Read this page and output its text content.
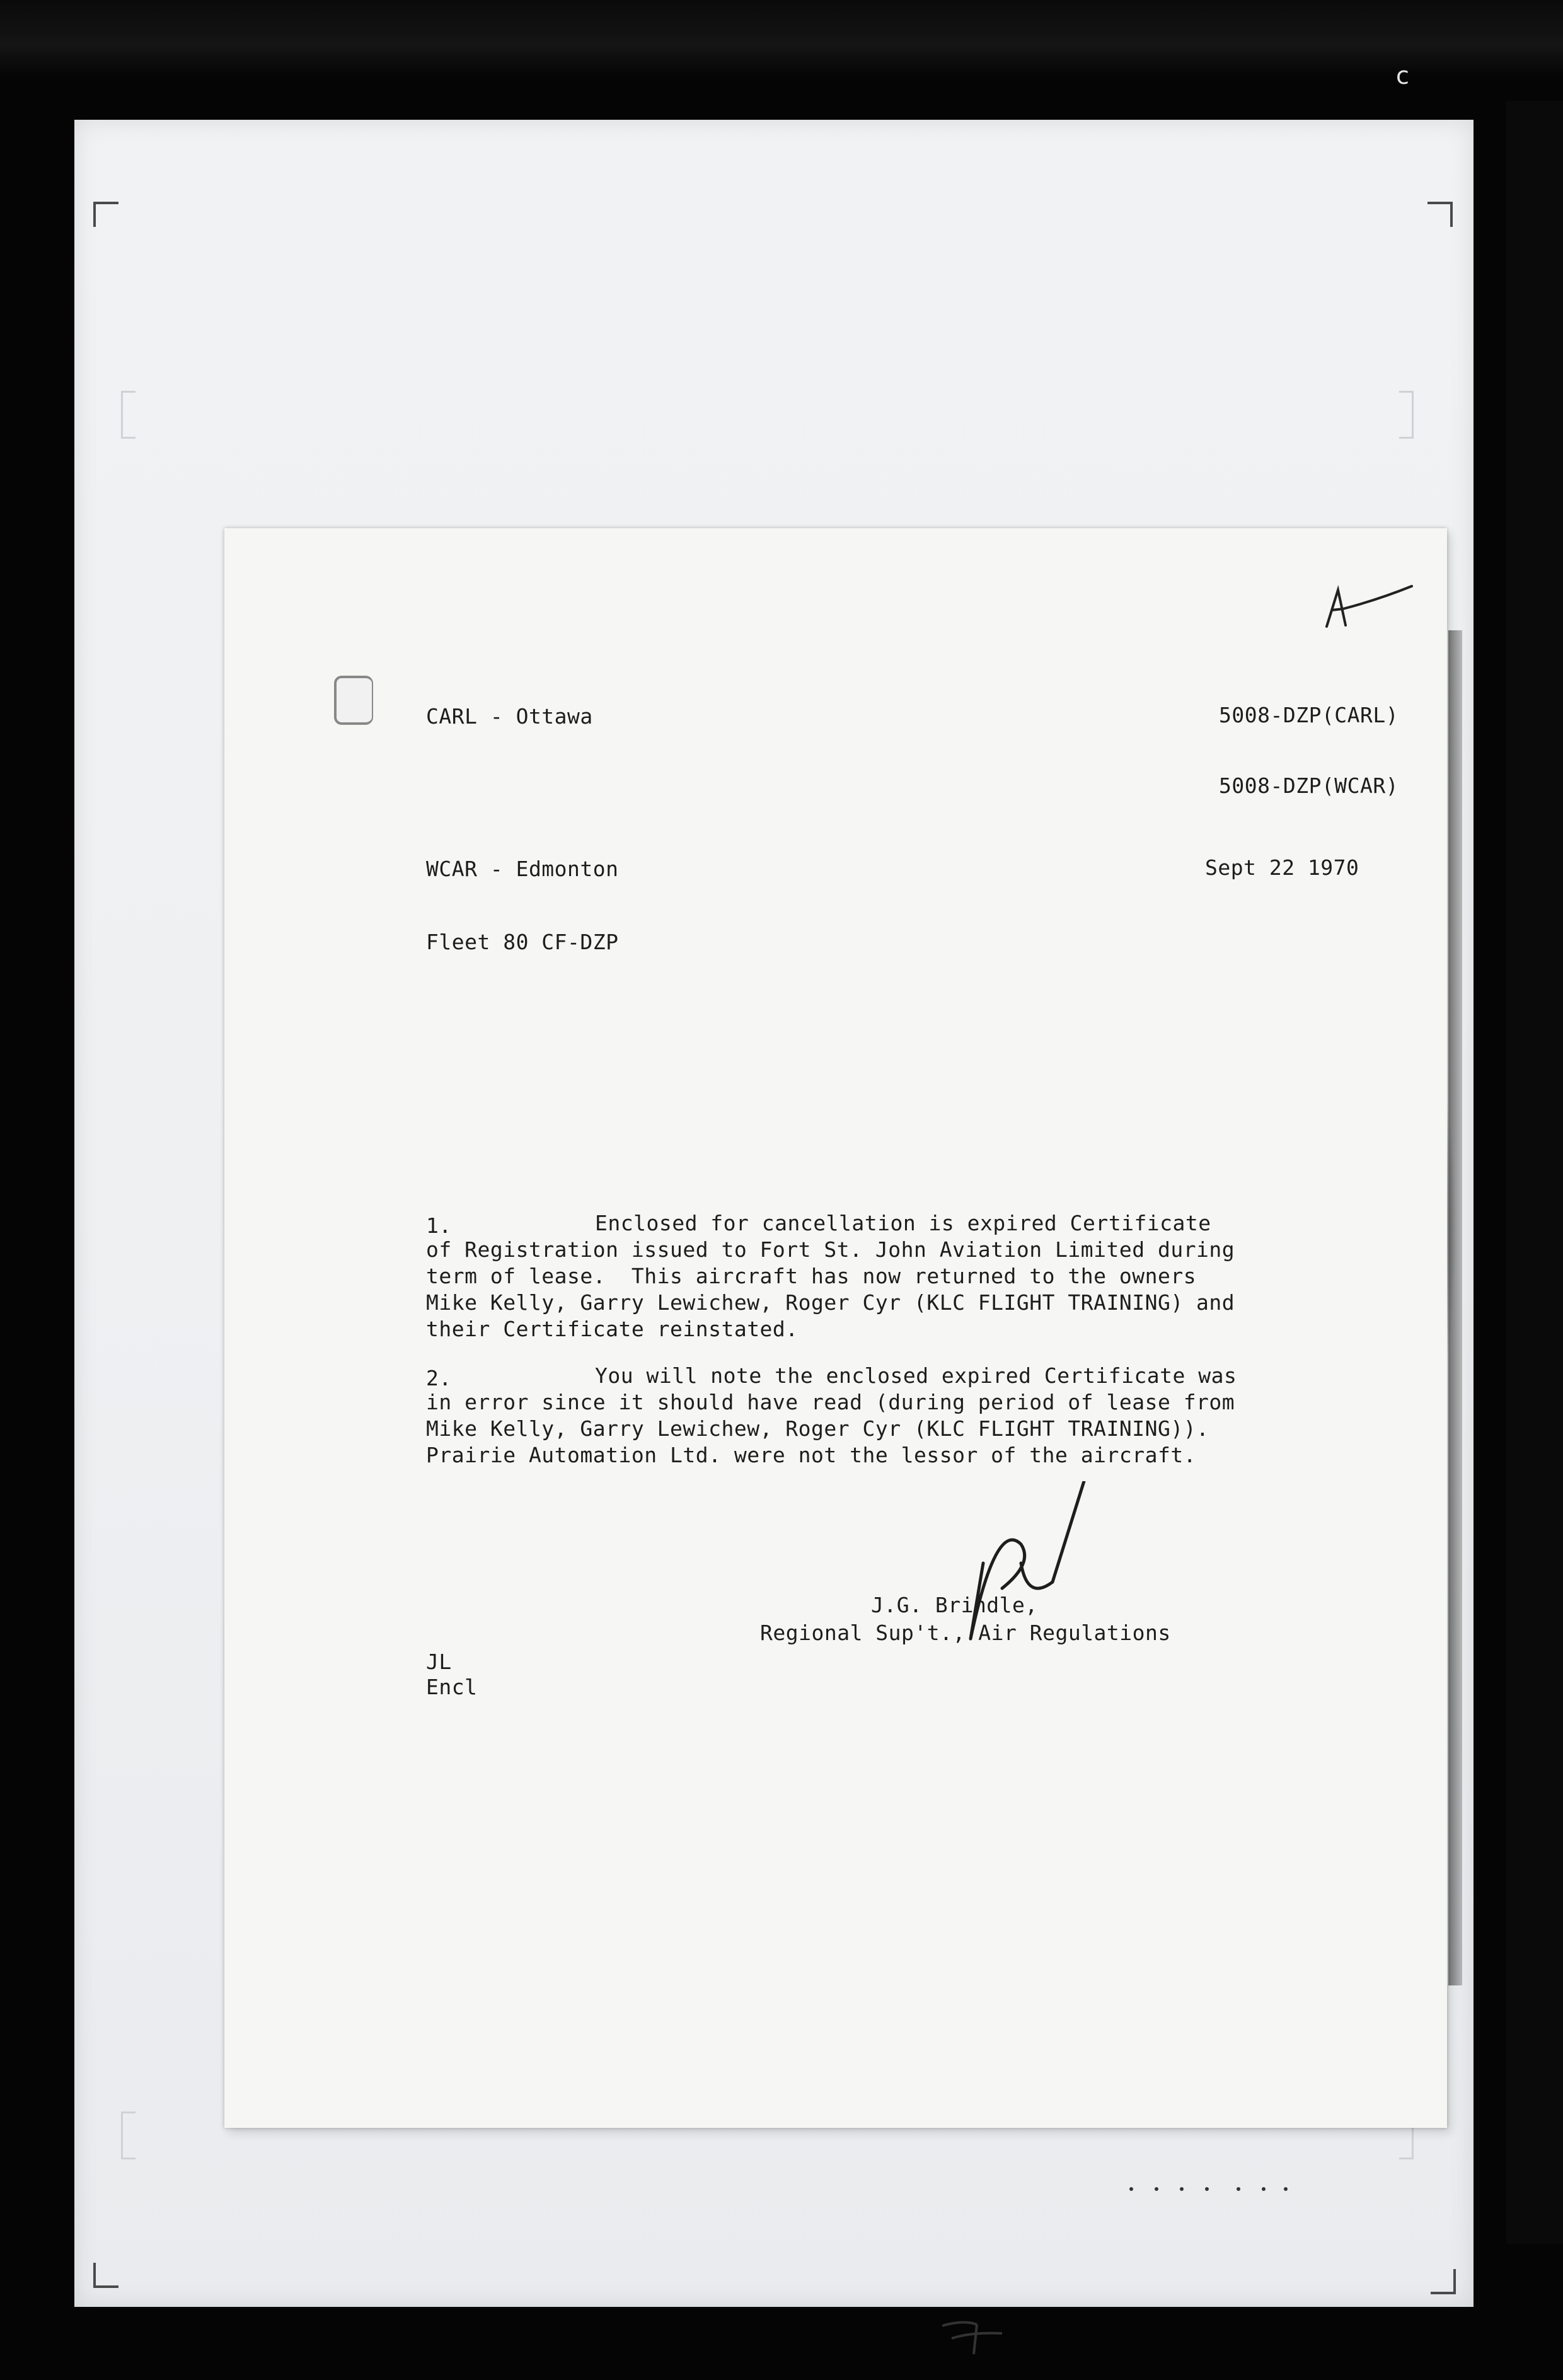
c
CARL - Ottawa	5008-DZP(CARL)
5008-DZP(WCAR)
WCAR - Edmonton	Sept 22 1970
Fleet 80 CF-DZP
1.	Enclosed for cancellation is expired Certificate
of Registration issued to Fort St. John Aviation Limited during
term of lease.  This aircraft has now returned to the owners
Mike Kelly, Garry Lewichew, Roger Cyr (KLC FLIGHT TRAINING) and
their Certificate reinstated.
2.	You will note the enclosed expired Certificate was
in error since it should have read (during period of lease from
Mike Kelly, Garry Lewichew, Roger Cyr (KLC FLIGHT TRAINING)).
Prairie Automation Ltd. were not the lessor of the aircraft.
J.G. Brindle,
Regional Sup't., Air Regulations
JL
Encl
